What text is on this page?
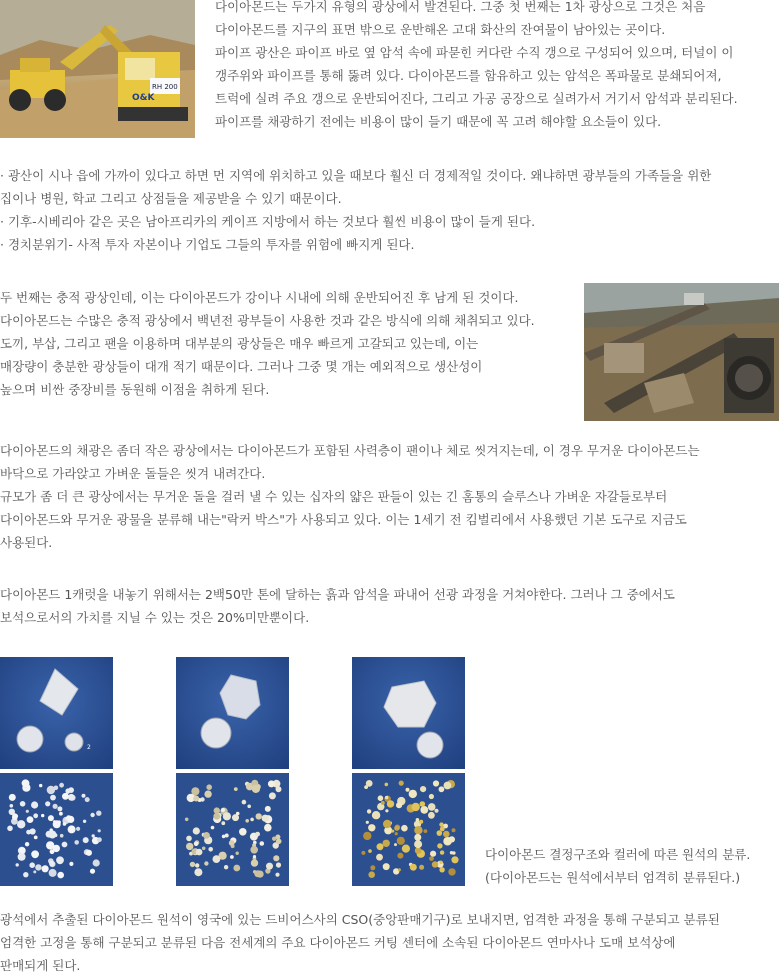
RH 200
O&K

다이아몬드는 두가지 유형의 광상에서 발견된다. 그중 첫 번째는 1차 광상으로 그것은 처음

다이아몬드를 지구의 표면 밖으로 운반해온 고대 화산의 잔여물이 남아있는 곳이다.

파이프 광산은 파이프 바로 옆 암석 속에 파묻힌 커다란 수직 갱으로 구성되어 있으며, 터널이 이

갱주위와 파이프를 통해 뚫려 있다. 다이아몬드를 함유하고 있는 암석은 폭파물로 분쇄되어져,

트럭에 실려 주요 갱으로 운반되어진다, 그리고 가공 공장으로 실려가서 거기서 암석과 분리된다.

파이프를 채광하기 전에는 비용이 많이 들기 때문에 꼭 고려 해야할 요소들이 있다.

· 광산이 시나 읍에 가까이 있다고 하면 먼 지역에 위치하고 있을 때보다 훨신 더 경제적일 것이다. 왜냐하면 광부들의 가족들을 위한

집이나 병원, 학교 그리고 상점들을 제공받을 수 있기 때문이다.

· 기후-시베리아 같은 곳은 남아프리카의 케이프 지방에서 하는 것보다 훨씬 비용이 많이 들게 된다.

· 경치분위기- 사적 투자 자본이나 기업도 그들의 투자를 위험에 빠지게 된다.

두 번째는 충적 광상인데, 이는 다이아몬드가 강이나 시내에 의해 운반되어진 후 남게 된 것이다.

다이아몬드는 수많은 충적 광상에서 백년전 광부들이 사용한 것과 같은 방식에 의해 채취되고 있다.

도끼, 부삽, 그리고 팬을 이용하며 대부분의 광상들은 매우 빠르게 고갈되고 있는데, 이는

매장량이 충분한 광상들이 대개 적기 때문이다. 그러나 그중 몇 개는 예외적으로 생산성이

높으며 비싼 중장비를 동원해 이점을 취하게 된다.

다이아몬드의 채광은 좀더 작은 광상에서는 다이아몬드가 포함된 사력층이 팬이나 체로 씻겨지는데, 이 경우 무거운 다이아몬드는

바닥으로 가라앉고 가벼운 돌들은 씻겨 내려간다.

규모가 좀 더 큰 광상에서는 무거운 돌을 걸러 낼 수 있는 십자의 얇은 판들이 있는 긴 홈통의 슬루스나 가벼운 자갈들로부터

다이아몬드와 무거운 광물을 분류해 내는"락커 박스"가 사용되고 있다. 이는 1세기 전 킴벌리에서 사용했던 기본 도구로 지금도

사용된다.

다이아몬드 1캐럿을 내놓기 위해서는 2백50만 톤에 달하는 흙과 암석을 파내어 선광 과정을 거쳐야한다. 그러나 그 중에서도

보석으로서의 가치를 지닐 수 있는 것은 20%미만뿐이다.

2

다이아몬드 결정구조와 컬러에 따른 원석의 분류.

(다이아몬드는 원석에서부터 엄격히 분류된다.)

광석에서 추출된 다이아몬드 원석이 영국에 있는 드비어스사의 CSO(중앙판매기구)로 보내지면, 엄격한 과정을 통해 구분되고 분류된

엄격한 고정을 통해 구분되고 분류된 다음 전세계의 주요 다이아몬드 커팅 센터에 소속된 다이아몬드 연마사나 도매 보석상에

판매되게 된다.
